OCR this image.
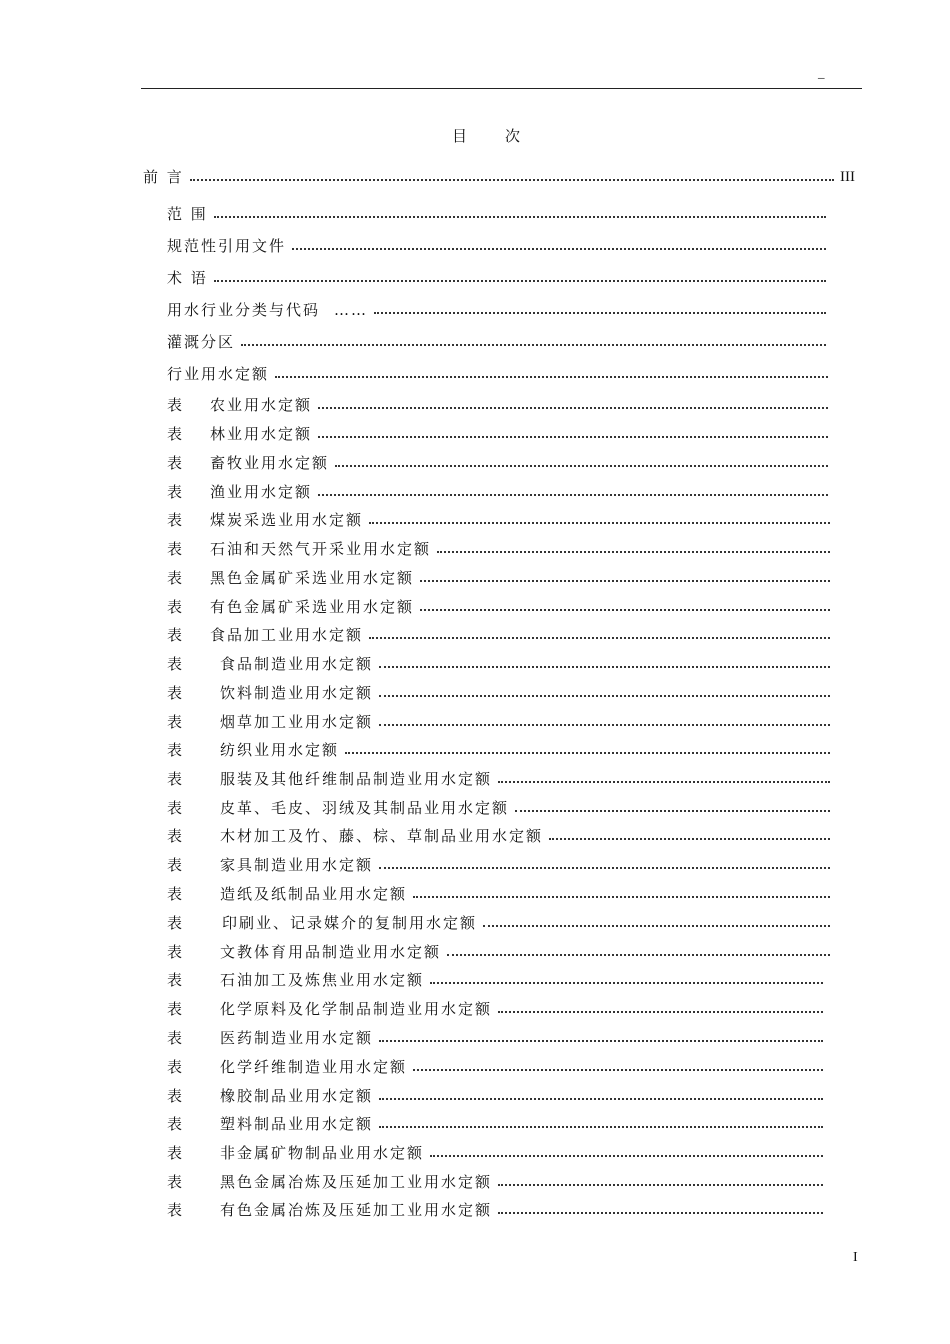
_
目次
前 言	III
范 围
规范性引用文件
术 语
用水行业分类与代码 ……
灌溉分区
行业用水定额
表	农业用水定额
表	林业用水定额
表	畜牧业用水定额
表	渔业用水定额
表	煤炭采选业用水定额
表	石油和天然气开采业用水定额
表	黑色金属矿采选业用水定额
表	有色金属矿采选业用水定额
表	食品加工业用水定额
表	食品制造业用水定额
表	饮料制造业用水定额
表	烟草加工业用水定额
表	纺织业用水定额
表	服装及其他纤维制品制造业用水定额
表	皮革、毛皮、羽绒及其制品业用水定额
表	木材加工及竹、藤、棕、草制品业用水定额
表	家具制造业用水定额
表	造纸及纸制品业用水定额
表	印刷业、记录媒介的复制用水定额
表	文教体育用品制造业用水定额
表	石油加工及炼焦业用水定额
表	化学原料及化学制品制造业用水定额
表	医药制造业用水定额
表	化学纤维制造业用水定额
表	橡胶制品业用水定额
表	塑料制品业用水定额
表	非金属矿物制品业用水定额
表	黑色金属冶炼及压延加工业用水定额
表	有色金属冶炼及压延加工业用水定额
I
